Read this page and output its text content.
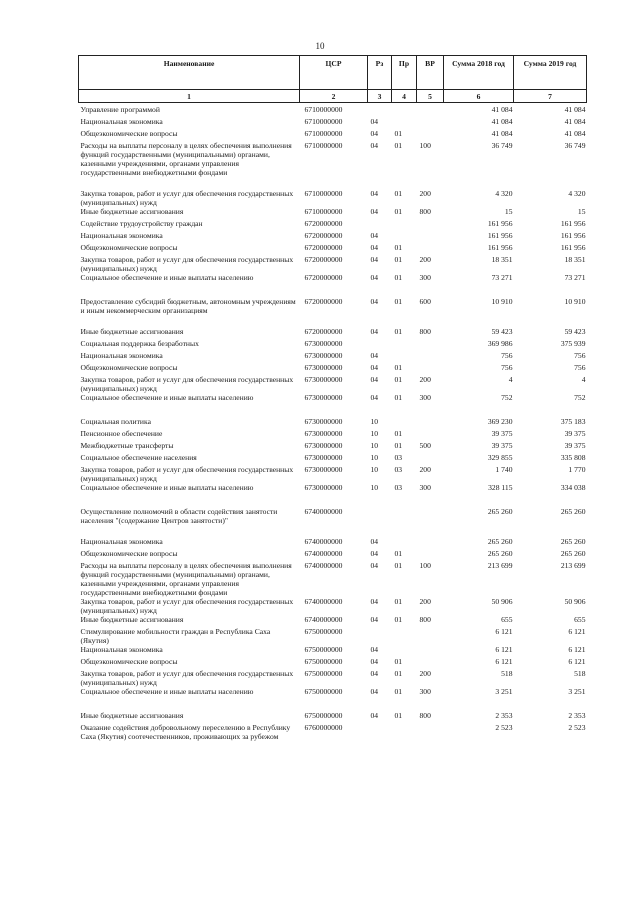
10
Наименование	ЦСР	Рз	Пр	ВР	Сумма 2018 год	Сумма 2019 год
1	2	3	4	5	6	7
Управление программой	6710000000				41 084	41 084
Национальная экономика	6710000000	04			41 084	41 084
Общеэкономические вопросы	6710000000	04	01		41 084	41 084
Расходы на выплаты персоналу в целях обеспечения выполнения функций государственными (муниципальными) органами, казенными учреждениями, органами управления государственными внебюджетными фондами	6710000000	04	01	100	36 749	36 749
Закупка товаров, работ и услуг для обеспечения государственных (муниципальных) нужд	6710000000	04	01	200	4 320	4 320
Иные бюджетные ассигнования	6710000000	04	01	800	15	15
Содействие трудоустройству граждан	6720000000				161 956	161 956
Национальная экономика	6720000000	04			161 956	161 956
Общеэкономические вопросы	6720000000	04	01		161 956	161 956
Закупка товаров, работ и услуг для обеспечения государственных (муниципальных) нужд	6720000000	04	01	200	18 351	18 351
Социальное обеспечение и иные выплаты населению	6720000000	04	01	300	73 271	73 271
Предоставление субсидий бюджетным, автономным учреждениям и иным некоммерческим организациям	6720000000	04	01	600	10 910	10 910
Иные бюджетные ассигнования	6720000000	04	01	800	59 423	59 423
Социальная поддержка безработных	6730000000				369 986	375 939
Национальная экономика	6730000000	04			756	756
Общеэкономические вопросы	6730000000	04	01		756	756
Закупка товаров, работ и услуг для обеспечения государственных (муниципальных) нужд	6730000000	04	01	200	4	4
Социальное обеспечение и иные выплаты населению	6730000000	04	01	300	752	752
Социальная политика	6730000000	10			369 230	375 183
Пенсионное обеспечение	6730000000	10	01		39 375	39 375
Межбюджетные трансферты	6730000000	10	01	500	39 375	39 375
Социальное обеспечение населения	6730000000	10	03		329 855	335 808
Закупка товаров, работ и услуг для обеспечения государственных (муниципальных) нужд	6730000000	10	03	200	1 740	1 770
Социальное обеспечение и иные выплаты населению	6730000000	10	03	300	328 115	334 038
Осуществление полномочий в области содействия занятости населения "(содержание Центров занятости)"	6740000000				265 260	265 260
Национальная экономика	6740000000	04			265 260	265 260
Общеэкономические вопросы	6740000000	04	01		265 260	265 260
Расходы на выплаты персоналу в целях обеспечения выполнения функций государственными (муниципальными) органами, казенными учреждениями, органами управления государственными внебюджетными фондами	6740000000	04	01	100	213 699	213 699
Закупка товаров, работ и услуг для обеспечения государственных (муниципальных) нужд	6740000000	04	01	200	50 906	50 906
Иные бюджетные ассигнования	6740000000	04	01	800	655	655
Стимулирование мобильности граждан в Республика Саха (Якутия)	6750000000				6 121	6 121
Национальная экономика	6750000000	04			6 121	6 121
Общеэкономические вопросы	6750000000	04	01		6 121	6 121
Закупка товаров, работ и услуг для обеспечения государственных (муниципальных) нужд	6750000000	04	01	200	518	518
Социальное обеспечение и иные выплаты населению	6750000000	04	01	300	3 251	3 251
Иные бюджетные ассигнования	6750000000	04	01	800	2 353	2 353
Оказание содействия добровольному переселению в Республику Саха (Якутия) соотечественников, проживающих за рубежом	6760000000				2 523	2 523
